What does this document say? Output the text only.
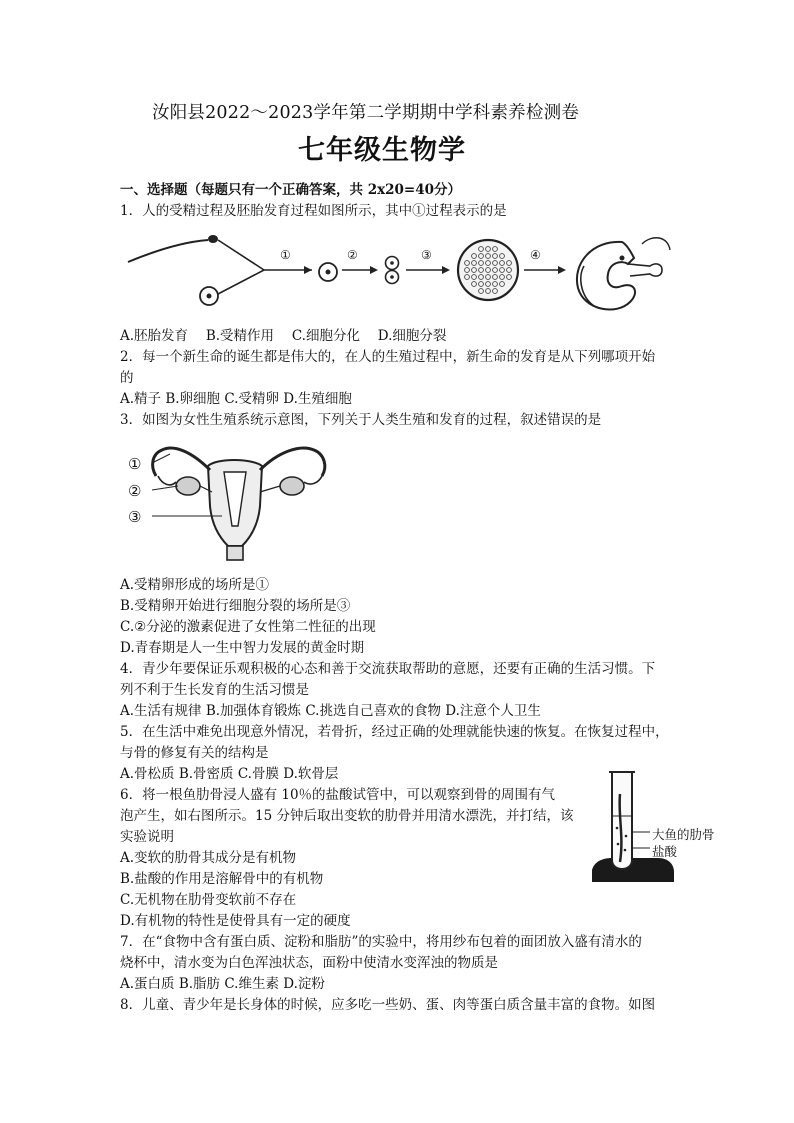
汝阳县2022～2023学年第二学期期中学科素养检测卷
七年级生物学
一、选择题（每题只有一个正确答案，共 2x20=40分）
1．人的受精过程及胚胎发育过程如图所示，其中①过程表示的是
①	②	③	④
A.胚胎发育　 B.受精作用　 C.细胞分化　 D.细胞分裂
2．每一个新生命的诞生都是伟大的，在人的生殖过程中，新生命的发育是从下列哪项开始
的
A.精子 B.卵细胞 C.受精卵 D.生殖细胞
3．如图为女性生殖系统示意图，下列关于人类生殖和发育的过程，叙述错误的是
①
②
③
A.受精卵形成的场所是①
B.受精卵开始进行细胞分裂的场所是③
C.②分泌的激素促进了女性第二性征的出现
D.青春期是人一生中智力发展的黄金时期
4．青少年要保证乐观积极的心态和善于交流获取帮助的意愿，还要有正确的生活习惯。下
列不利于生长发育的生活习惯是
A.生活有规律 B.加强体育锻炼 C.挑选自己喜欢的食物 D.注意个人卫生
5．在生活中难免出现意外情况，若骨折，经过正确的处理就能快速的恢复。在恢复过程中，
与骨的修复有关的结构是
A.骨松质 B.骨密质 C.骨膜 D.软骨层
6．将一根鱼肋骨浸人盛有 10％的盐酸试管中，可以观察到骨的周围有气
泡产生，如右图所示。15 分钟后取出变软的肋骨并用清水漂洗，并打结，该
实验说明
A.变软的肋骨其成分是有机物
B.盐酸的作用是溶解骨中的有机物
C.无机物在肋骨变软前不存在
D.有机物的特性是使骨具有一定的硬度
大鱼的肋骨
盐酸
7．在“食物中含有蛋白质、淀粉和脂肪”的实验中，将用纱布包着的面团放入盛有清水的
烧杯中，清水变为白色浑浊状态，面粉中使清水变浑浊的物质是
A.蛋白质 B.脂肪 C.维生素 D.淀粉
8．儿童、青少年是长身体的时候，应多吃一些奶、蛋、肉等蛋白质含量丰富的食物。如图
